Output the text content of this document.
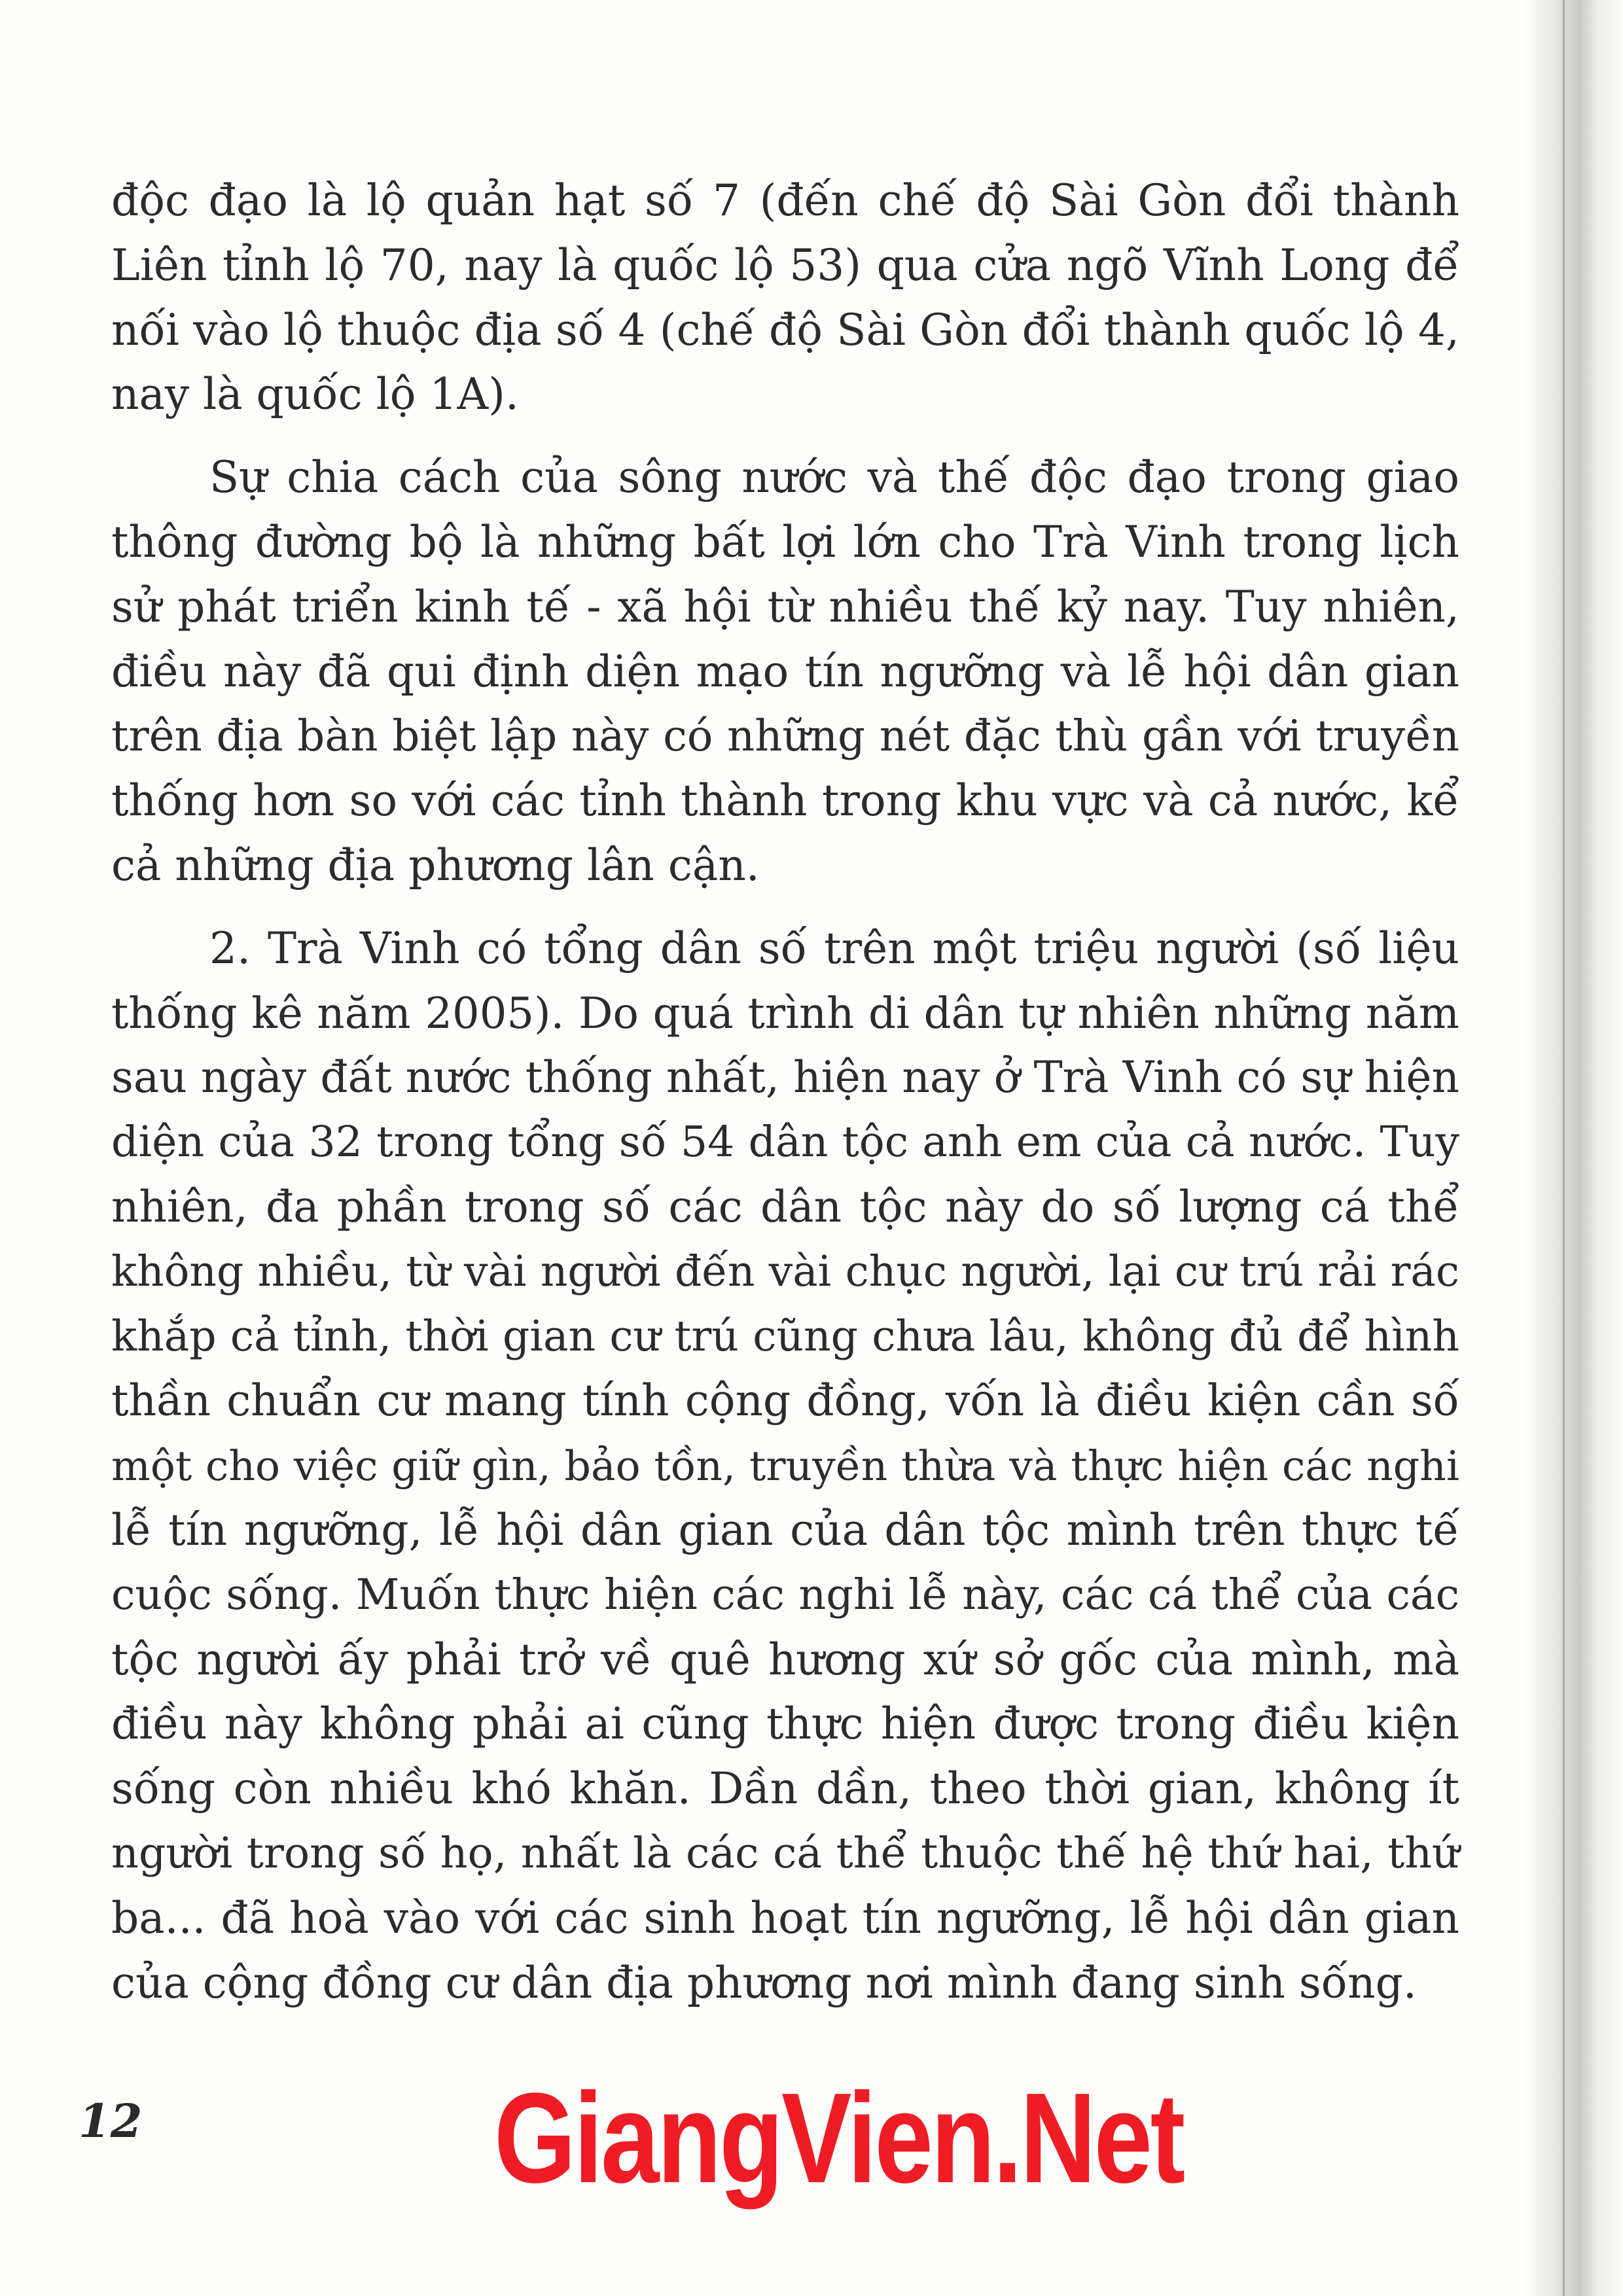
độc đạo là lộ quản hạt số 7 (đến chế độ Sài Gòn đổi thành
Liên tỉnh lộ 70, nay là quốc lộ 53) qua cửa ngõ Vĩnh Long để
nối vào lộ thuộc địa số 4 (chế độ Sài Gòn đổi thành quốc lộ 4,
nay là quốc lộ 1A).
Sự chia cách của sông nước và thế độc đạo trong giao
thông đường bộ là những bất lợi lớn cho Trà Vinh trong lịch
sử phát triển kinh tế - xã hội từ nhiều thế kỷ nay. Tuy nhiên,
điều này đã qui định diện mạo tín ngưỡng và lễ hội dân gian
trên địa bàn biệt lập này có những nét đặc thù gần với truyền
thống hơn so với các tỉnh thành trong khu vực và cả nước, kể
cả những địa phương lân cận.
2. Trà Vinh có tổng dân số trên một triệu người (số liệu
thống kê năm 2005). Do quá trình di dân tự nhiên những năm
sau ngày đất nước thống nhất, hiện nay ở Trà Vinh có sự hiện
diện của 32 trong tổng số 54 dân tộc anh em của cả nước. Tuy
nhiên, đa phần trong số các dân tộc này do số lượng cá thể
không nhiều, từ vài người đến vài chục người, lại cư trú rải rác
khắp cả tỉnh, thời gian cư trú cũng chưa lâu, không đủ để hình
thần chuẩn cư mang tính cộng đồng, vốn là điều kiện cần số
một cho việc giữ gìn, bảo tồn, truyền thừa và thực hiện các nghi
lễ tín ngưỡng, lễ hội dân gian của dân tộc mình trên thực tế
cuộc sống. Muốn thực hiện các nghi lễ này, các cá thể của các
tộc người ấy phải trở về quê hương xứ sở gốc của mình, mà
điều này không phải ai cũng thực hiện được trong điều kiện
sống còn nhiều khó khăn. Dần dần, theo thời gian, không ít
người trong số họ, nhất là các cá thể thuộc thế hệ thứ hai, thứ
ba... đã hoà vào với các sinh hoạt tín ngưỡng, lễ hội dân gian
của cộng đồng cư dân địa phương nơi mình đang sinh sống.
12	GiangVien.Net
